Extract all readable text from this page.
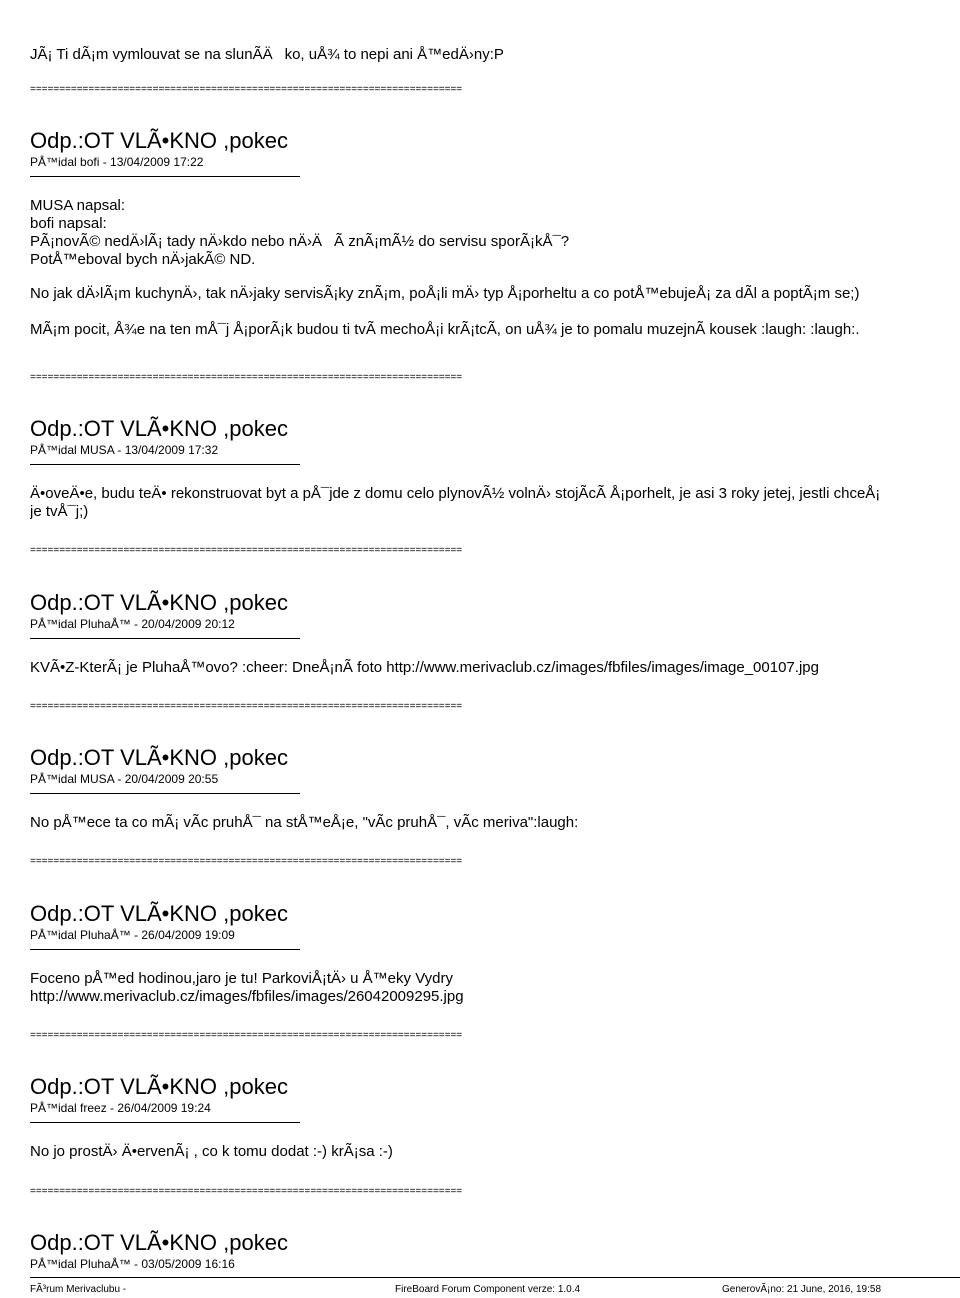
JÃ¡ Ti dÃ¡m vymlouvat se na slunÃÄko, uÅ¾ to nepi ani Å™edÄ›ny:P
==========================================================================
Odp.:OT VLÃ•KNO ,pokec
PÅ™idal bofi - 13/04/2009 17:22
MUSA napsal:
bofi napsal:
PÃ¡novÃ© nedÄ›lÃ¡ tady nÄ›kdo nebo nÄ›ÄÃ znÃ¡mÃ½ do servisu sporÃ¡kÅ¯?
PotÅ™eboval bych nÄ›jakÃ© ND.
No jak dÄ›lÃ¡m kuchynÄ›, tak nÄ›jaky servisÃ¡ky znÃ¡m, poÅ¡li mÄ› typ Å¡porheltu a co potÅ™ebujeÅ¡ za dÃl a poptÃ¡m se;)
MÃ¡m pocit, Å¾e na ten mÅ¯j Å¡porÃ¡k budou ti tvÃ mechoÅ¡i krÃ¡tcÃ, on uÅ¾ je to pomalu muzejnÃ kousek :laugh: :laugh:.
==========================================================================
Odp.:OT VLÃ•KNO ,pokec
PÅ™idal MUSA - 13/04/2009 17:32
Ä•oveÄ•e, budu teÄ• rekonstruovat byt a pÅ¯jde z domu celo plynovÃ½ volnÄ› stojÃcÃ Å¡porhelt, je asi 3 roky jetej, jestli chceÅ¡
je tvÅ¯j;)
==========================================================================
Odp.:OT VLÃ•KNO ,pokec
PÅ™idal PluhaÅ™ - 20/04/2009 20:12
KVÃ•Z-KterÃ¡ je PluhaÅ™ovo? :cheer: DneÅ¡nÃ foto http://www.merivaclub.cz/images/fbfiles/images/image_00107.jpg
==========================================================================
Odp.:OT VLÃ•KNO ,pokec
PÅ™idal MUSA - 20/04/2009 20:55
No pÅ™ece ta co mÃ¡ vÃc pruhÅ¯ na stÅ™eÅ¡e, "vÃc pruhÅ¯, vÃc meriva":laugh:
==========================================================================
Odp.:OT VLÃ•KNO ,pokec
PÅ™idal PluhaÅ™ - 26/04/2009 19:09
Foceno pÅ™ed hodinou,jaro je tu! ParkoviÅ¡tÄ› u Å™eky Vydry
http://www.merivaclub.cz/images/fbfiles/images/26042009295.jpg
==========================================================================
Odp.:OT VLÃ•KNO ,pokec
PÅ™idal freez - 26/04/2009 19:24
No jo prostÄ› Ä•ervenÃ¡ , co k tomu dodat :-) krÃ¡sa :-)
==========================================================================
Odp.:OT VLÃ•KNO ,pokec
PÅ™idal PluhaÅ™ - 03/05/2009 16:16
FÃ³rum Merivaclubu -	FireBoard Forum Component verze: 1.0.4	GenerovÃ¡no: 21 June, 2016, 19:58
